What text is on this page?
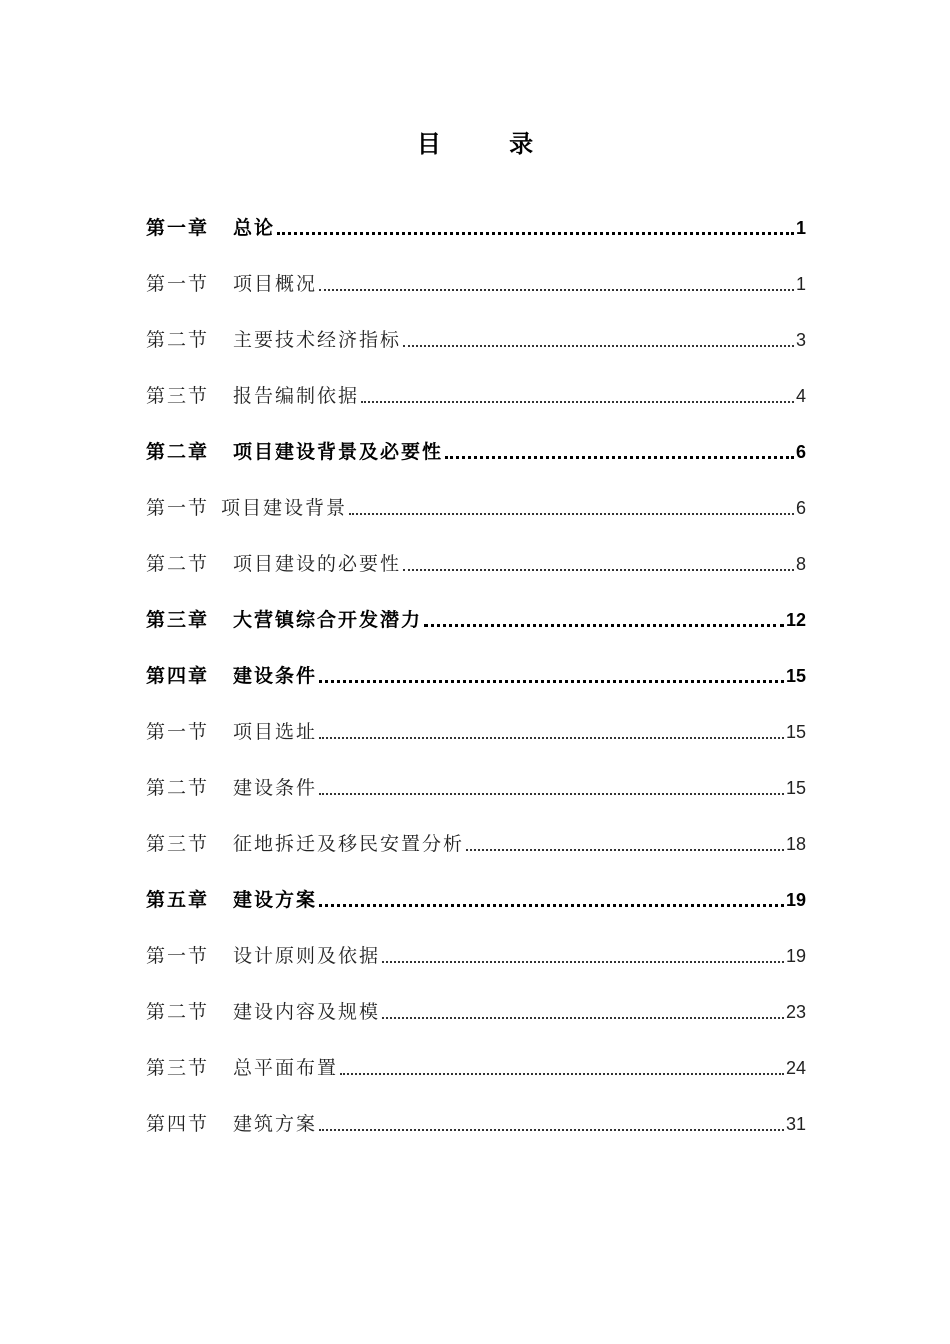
目 录
第一章 总论	1
第一节 项目概况	1
第二节 主要技术经济指标	3
第三节 报告编制依据	4
第二章 项目建设背景及必要性	6
第一节 项目建设背景	6
第二节 项目建设的必要性	8
第三章 大营镇综合开发潜力	12
第四章 建设条件	15
第一节 项目选址	15
第二节 建设条件	15
第三节 征地拆迁及移民安置分析	18
第五章 建设方案	19
第一节 设计原则及依据	19
第二节 建设内容及规模	23
第三节 总平面布置	24
第四节 建筑方案	31
